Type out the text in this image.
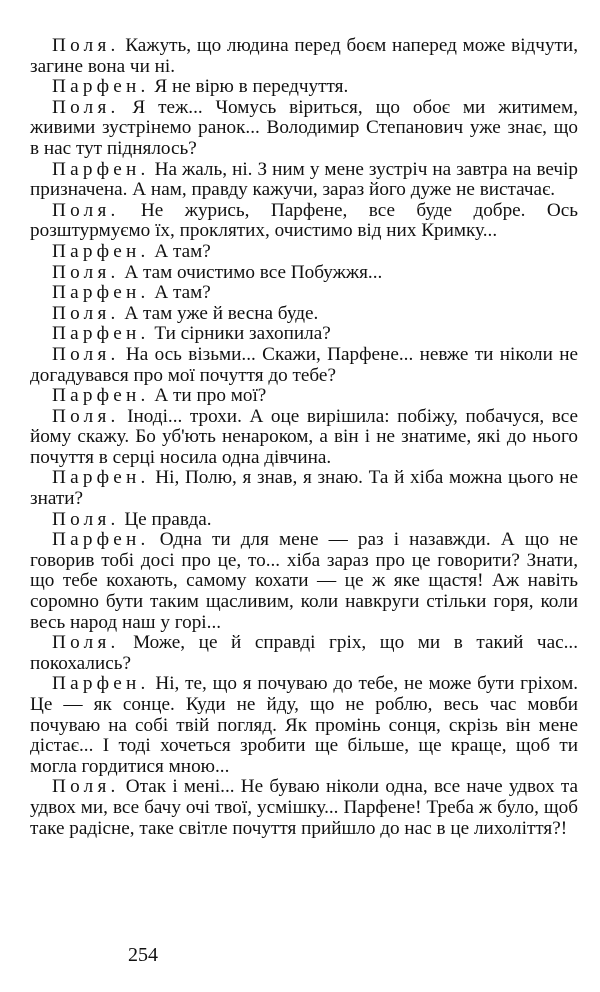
Поля. Кажуть, що людина перед боєм наперед може відчути, загине вона чи ні.

Парфен. Я не вірю в передчуття.

Поля. Я теж... Чомусь віриться, що обоє ми житимем, живими зустрінемо ранок... Володимир Степанович уже знає, що в нас тут піднялось?

Парфен. На жаль, ні. З ним у мене зустріч на завтра на вечір призначена. А нам, правду кажучи, зараз його дуже не вистачає.

Поля. Не журись, Парфене, все буде добре. Ось розштурмуємо їх, проклятих, очистимо від них Кримку...

Парфен. А там?

Поля. А там очистимо все Побужжя...

Парфен. А там?

Поля. А там уже й весна буде.

Парфен. Ти сірники захопила?

Поля. На ось візьми... Скажи, Парфене... невже ти ніколи не догадувався про мої почуття до тебе?

Парфен. А ти про мої?

Поля. Іноді... трохи. А оце вирішила: побіжу, побачуся, все йому скажу. Бо уб'ють ненароком, а він і не знатиме, які до нього почуття в серці носила одна дівчина.

Парфен. Ні, Полю, я знав, я знаю. Та й хіба можна цього не знати?

Поля. Це правда.

Парфен. Одна ти для мене — раз і назавжди. А що не говорив тобі досі про це, то... хіба зараз про це говорити? Знати, що тебе кохають, самому кохати — це ж яке щастя! Аж навіть соромно бути таким щасливим, коли навкруги стільки горя, коли весь народ наш у горі...

Поля. Може, це й справді гріх, що ми в такий час... покохались?

Парфен. Ні, те, що я почуваю до тебе, не може бути гріхом. Це — як сонце. Куди не йду, що не роблю, весь час мовби почуваю на собі твій погляд. Як промінь сонця, скрізь він мене дістає... І тоді хочеться зробити ще більше, ще краще, щоб ти могла гордитися мною...

Поля. Отак і мені... Не буваю ніколи одна, все наче удвох та удвох ми, все бачу очі твої, усмішку... Парфене! Треба ж було, щоб таке радісне, таке світле почуття прийшло до нас в це лихоліття?!

254
